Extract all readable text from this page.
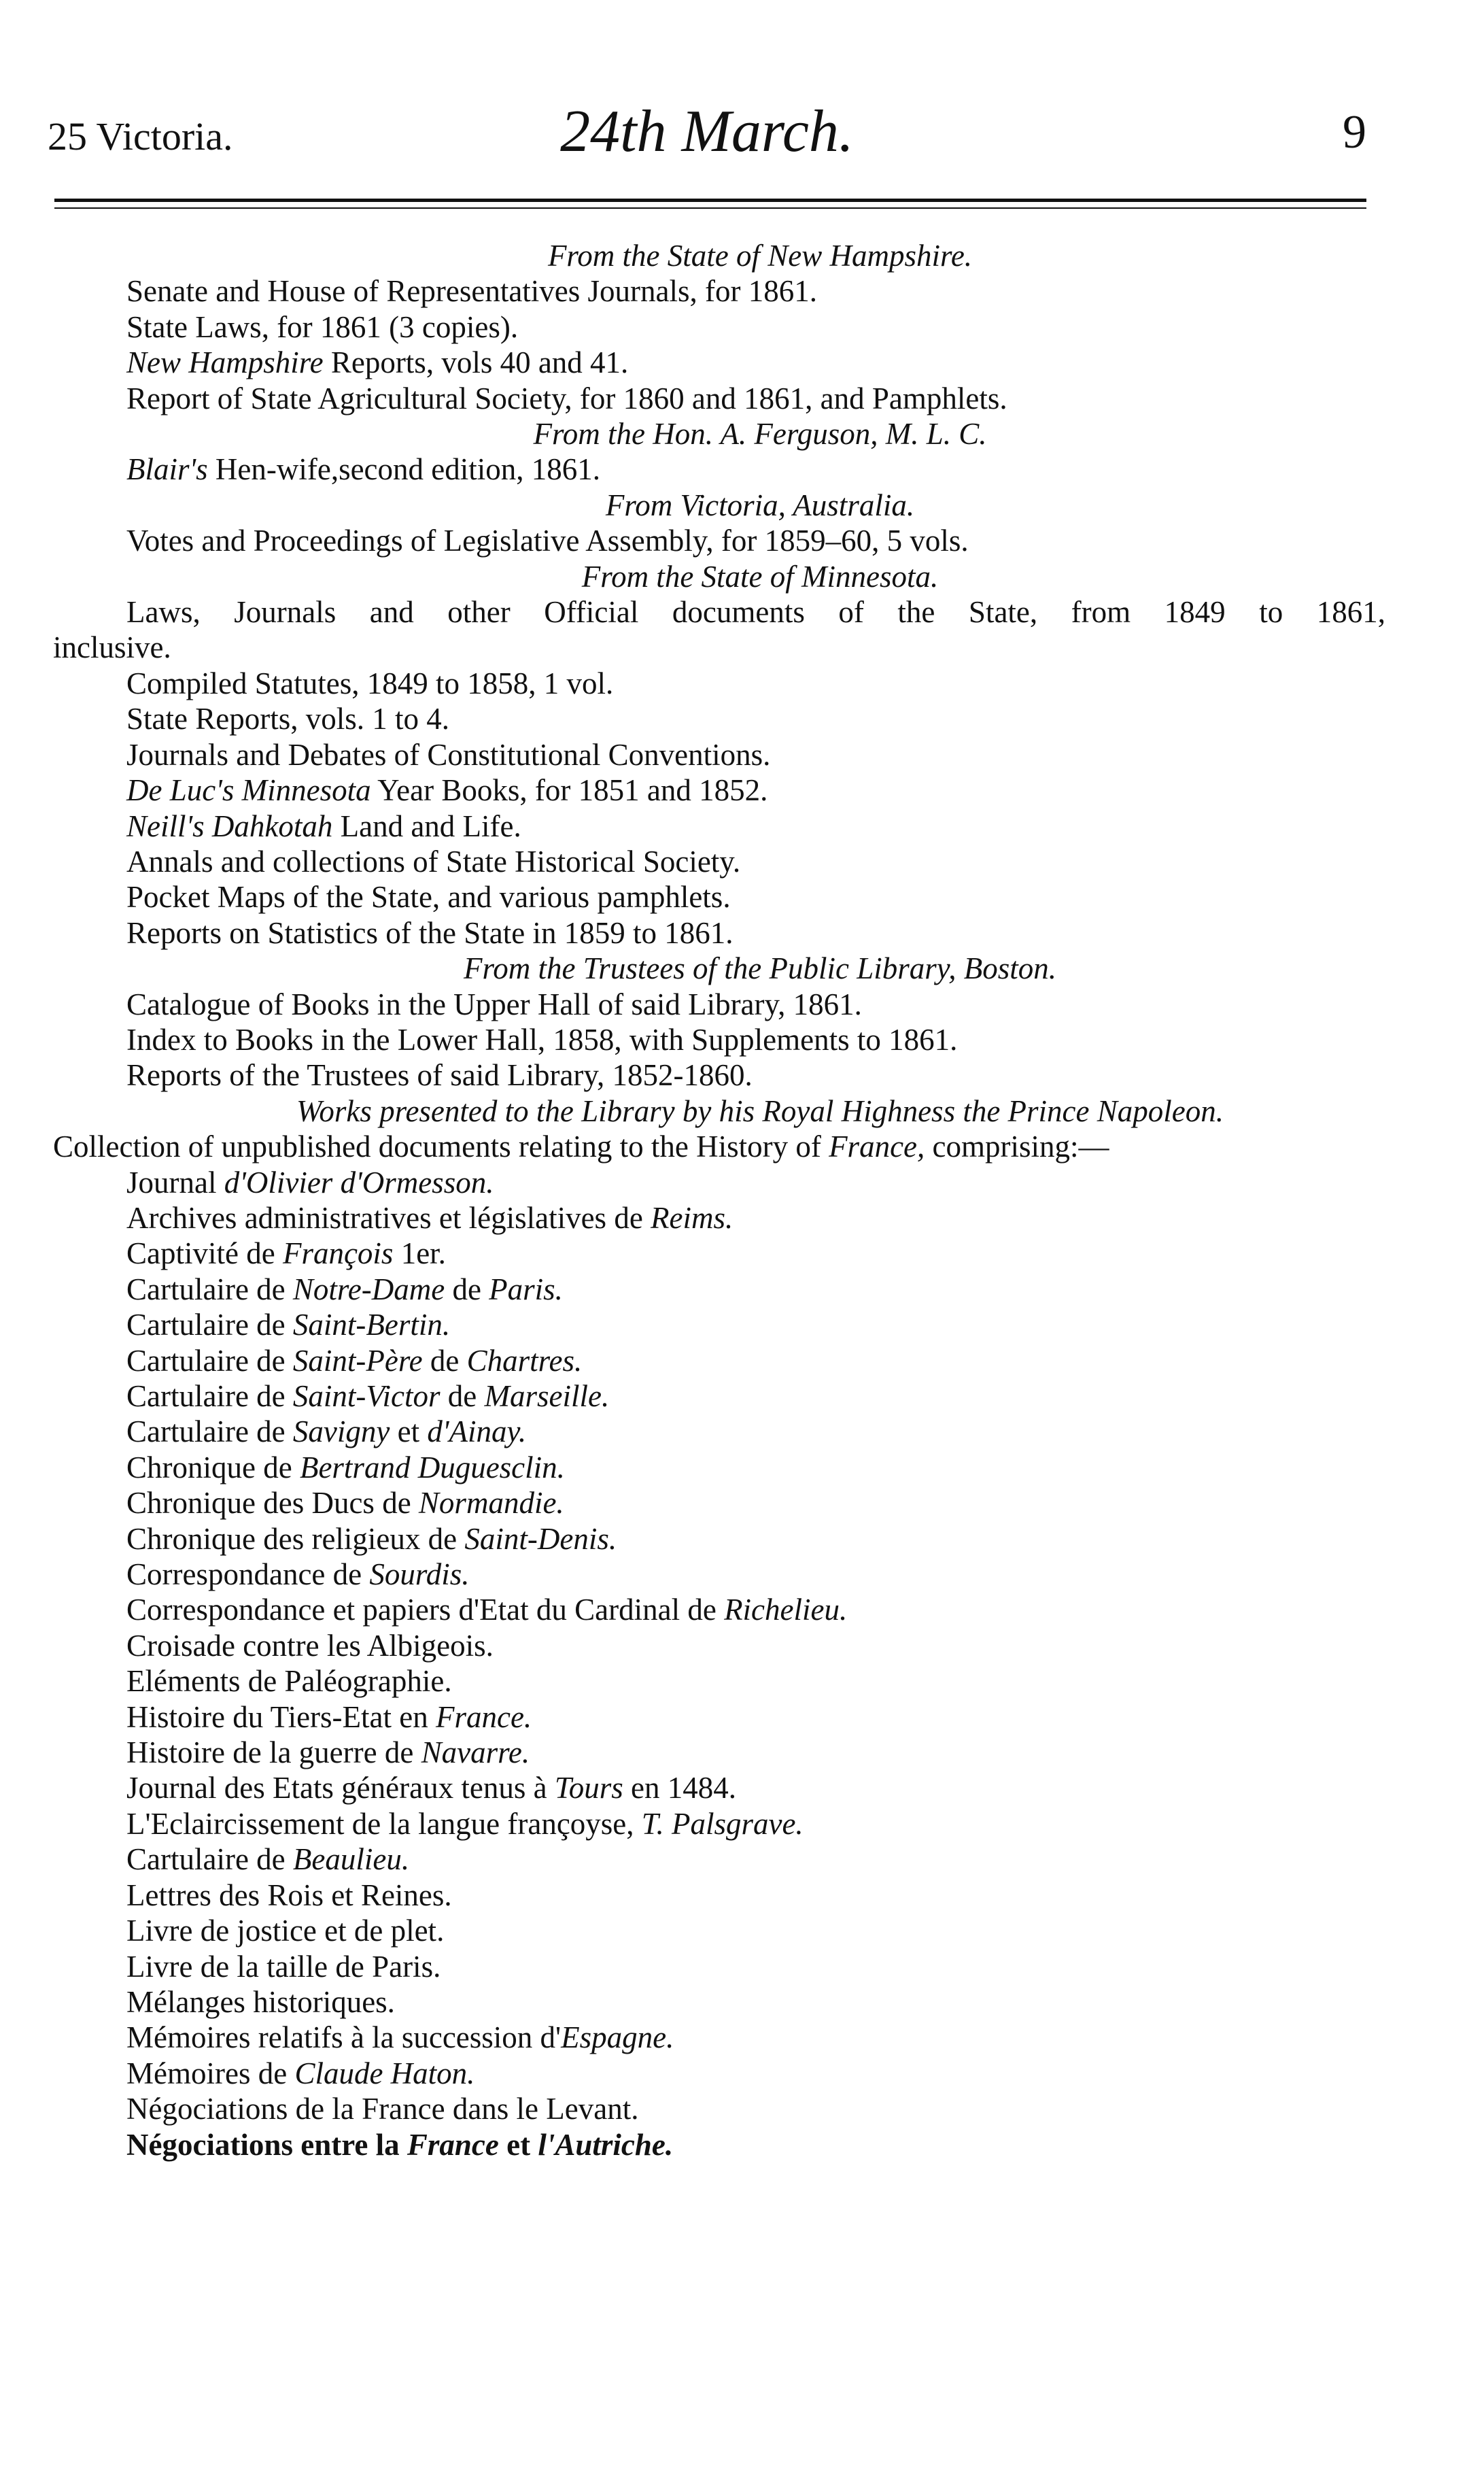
25 Victoria.	24th March.	9
From the State of New Hampshire.
Senate and House of Representatives Journals, for 1861.
State Laws, for 1861 (3 copies).
New Hampshire Reports, vols 40 and 41.
Report of State Agricultural Society, for 1860 and 1861, and Pamphlets.
From the Hon. A. Ferguson, M. L. C.
Blair's Hen-wife,second edition, 1861.
From Victoria, Australia.
Votes and Proceedings of Legislative Assembly, for 1859–60, 5 vols.
From the State of Minnesota.
Laws, Journals and other Official documents of the State, from 1849 to 1861,
inclusive.
Compiled Statutes, 1849 to 1858, 1 vol.
State Reports, vols. 1 to 4.
Journals and Debates of Constitutional Conventions.
De Luc's Minnesota Year Books, for 1851 and 1852.
Neill's Dahkotah Land and Life.
Annals and collections of State Historical Society.
Pocket Maps of the State, and various pamphlets.
Reports on Statistics of the State in 1859 to 1861.
From the Trustees of the Public Library, Boston.
Catalogue of Books in the Upper Hall of said Library, 1861.
Index to Books in the Lower Hall, 1858, with Supplements to 1861.
Reports of the Trustees of said Library, 1852-1860.
Works presented to the Library by his Royal Highness the Prince Napoleon.
Collection of unpublished documents relating to the History of France, comprising:—
Journal d'Olivier d'Ormesson.
Archives administratives et législatives de Reims.
Captivité de François 1er.
Cartulaire de Notre-Dame de Paris.
Cartulaire de Saint-Bertin.
Cartulaire de Saint-Père de Chartres.
Cartulaire de Saint-Victor de Marseille.
Cartulaire de Savigny et d'Ainay.
Chronique de Bertrand Duguesclin.
Chronique des Ducs de Normandie.
Chronique des religieux de Saint-Denis.
Correspondance de Sourdis.
Correspondance et papiers d'Etat du Cardinal de Richelieu.
Croisade contre les Albigeois.
Eléments de Paléographie.
Histoire du Tiers-Etat en France.
Histoire de la guerre de Navarre.
Journal des Etats généraux tenus à Tours en 1484.
L'Eclaircissement de la langue françoyse, T. Palsgrave.
Cartulaire de Beaulieu.
Lettres des Rois et Reines.
Livre de jostice et de plet.
Livre de la taille de Paris.
Mélanges historiques.
Mémoires relatifs à la succession d'Espagne.
Mémoires de Claude Haton.
Négociations de la France dans le Levant.
Négociations entre la France et l'Autriche.
